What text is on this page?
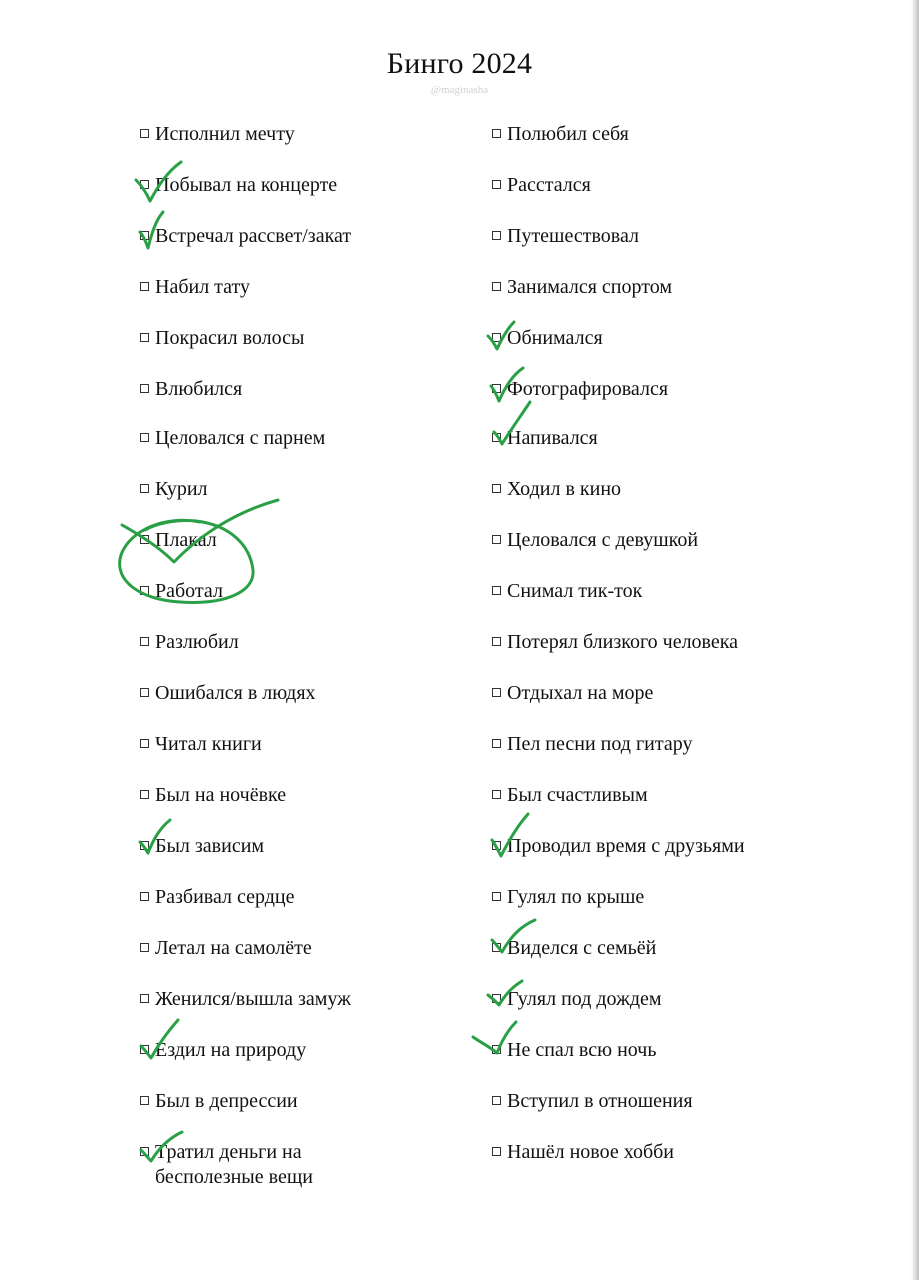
Бинго 2024
@maginasha
Исполнил мечту
Побывал на концерте
Встречал рассвет/закат
Набил тату
Покрасил волосы
Влюбился
Целовался с парнем
Курил
Плакал
Работал
Разлюбил
Ошибался в людях
Читал книги
Был на ночёвке
Был зависим
Разбивал сердце
Летал на самолёте
Женился/вышла замуж
Ездил на природу
Был в депрессии
Тратил деньги на бесполезные вещи
Полюбил себя
Расстался
Путешествовал
Занимался спортом
Обнимался
Фотографировался
Напивался
Ходил в кино
Целовался с девушкой
Снимал тик-ток
Потерял близкого человека
Отдыхал на море
Пел песни под гитару
Был счастливым
Проводил время с друзьями
Гулял по крыше
Виделся с семьёй
Гулял под дождем
Не спал всю ночь
Вступил в отношения
Нашёл новое хобби
